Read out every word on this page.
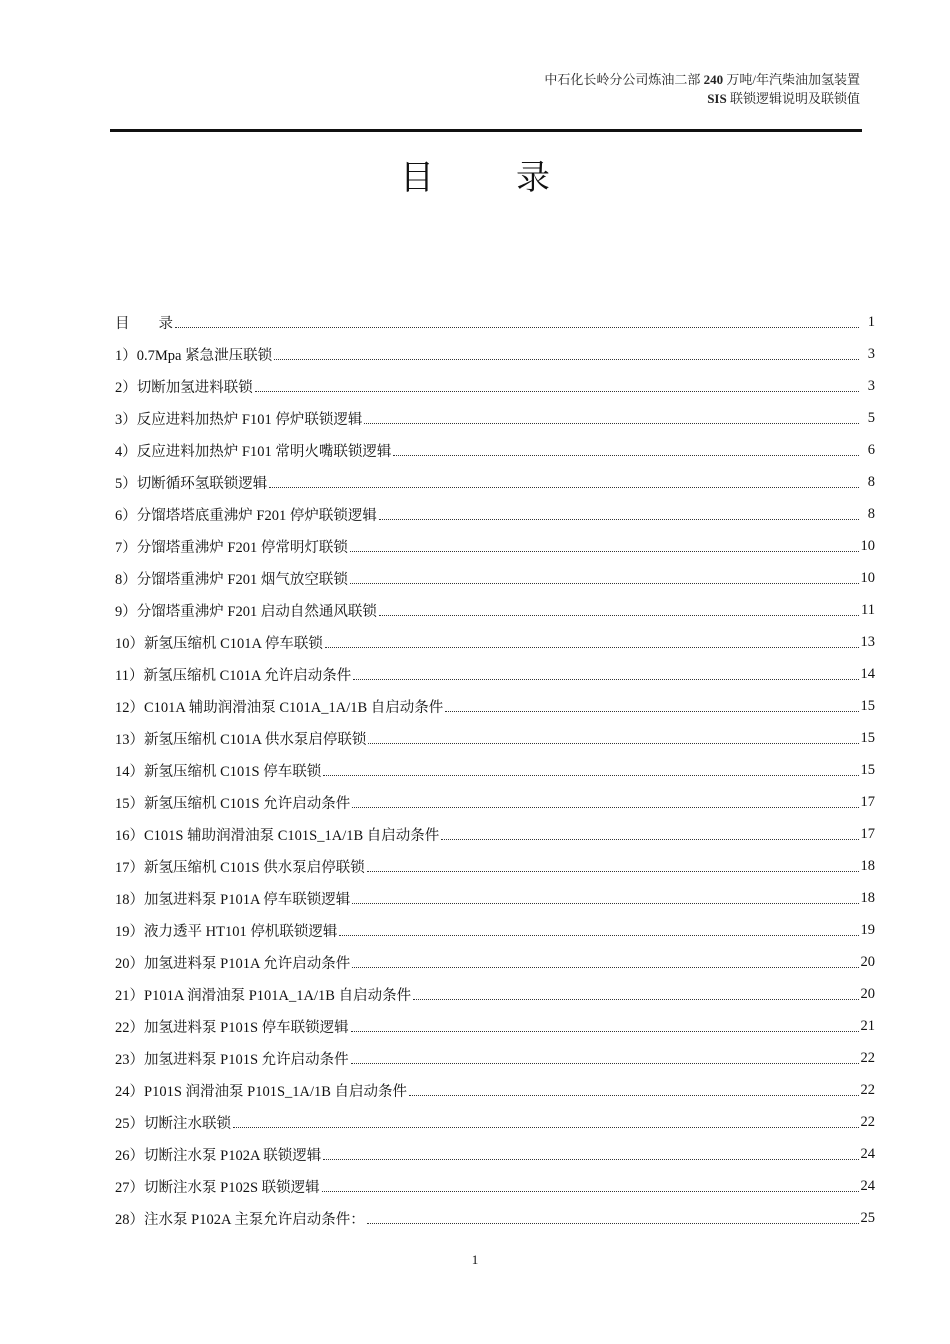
中石化长岭分公司炼油二部 240 万吨/年汽柴油加氢装置
SIS 联锁逻辑说明及联锁值
目 录
目　　录	1
1）0.7Mpa 紧急泄压联锁	3
2）切断加氢进料联锁	3
3）反应进料加热炉 F101 停炉联锁逻辑	5
4）反应进料加热炉 F101 常明火嘴联锁逻辑	6
5）切断循环氢联锁逻辑	8
6）分馏塔塔底重沸炉 F201 停炉联锁逻辑	8
7）分馏塔重沸炉 F201 停常明灯联锁	10
8）分馏塔重沸炉 F201 烟气放空联锁	10
9）分馏塔重沸炉 F201 启动自然通风联锁	11
10）新氢压缩机 C101A 停车联锁	13
11）新氢压缩机 C101A 允许启动条件	14
12）C101A 辅助润滑油泵 C101A_1A/1B 自启动条件	15
13）新氢压缩机 C101A 供水泵启停联锁	15
14）新氢压缩机 C101S 停车联锁	15
15）新氢压缩机 C101S 允许启动条件	17
16）C101S 辅助润滑油泵 C101S_1A/1B 自启动条件	17
17）新氢压缩机 C101S 供水泵启停联锁	18
18）加氢进料泵 P101A 停车联锁逻辑	18
19）液力透平 HT101 停机联锁逻辑	19
20）加氢进料泵 P101A 允许启动条件	20
21）P101A 润滑油泵 P101A_1A/1B 自启动条件	20
22）加氢进料泵 P101S 停车联锁逻辑	21
23）加氢进料泵 P101S 允许启动条件	22
24）P101S 润滑油泵 P101S_1A/1B 自启动条件	22
25）切断注水联锁	22
26）切断注水泵 P102A 联锁逻辑	24
27）切断注水泵 P102S 联锁逻辑	24
28）注水泵 P102A 主泵允许启动条件：	25
1
